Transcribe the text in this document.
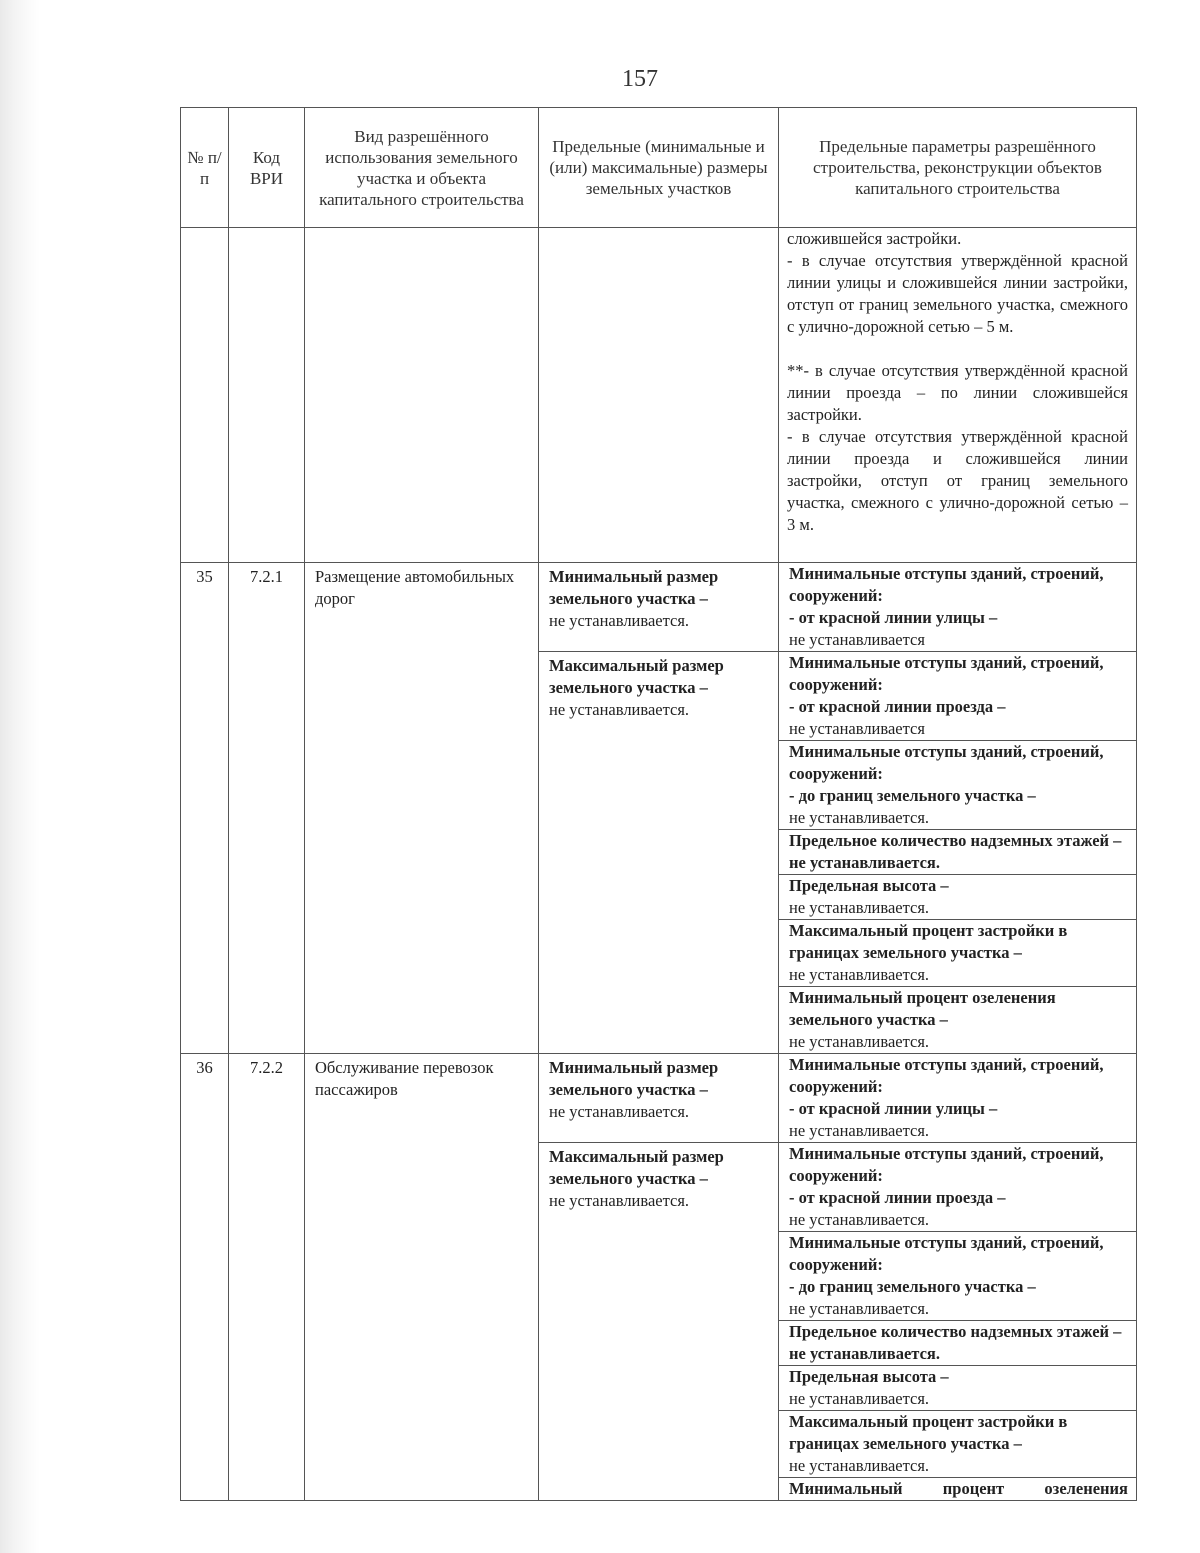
157
№ п/п	Код ВРИ	Вид разрешённого использования земельного участка и объекта капитального строительства	Предельные (минимальные и (или) максимальные) размеры земельных участков	Предельные параметры разрешённого строительства, реконструкции объектов капитального строительства

				сложившейся застройки.
- в случае отсутствия утверждённой красной линии улицы и сложившейся линии застройки, отступ от границ земельного участка, смежного с улично-дорожной сетью – 5 м.
**- в случае отсутствия утверждённой красной линии проезда – по линии сложившейся застройки.
- в случае отсутствия утверждённой красной линии проезда и сложившейся линии застройки, отступ от границ земельного участка, смежного с улично-дорожной сетью – 3 м.

35	7.2.1	Размещение автомобильных дорог	Минимальный размер земельного участка –
не устанавливается.	Минимальные отступы зданий, строений, сооружений:
- от красной линии улицы –
не устанавливается

			Максимальный размер земельного участка –
не устанавливается.	Минимальные отступы зданий, строений, сооружений:
- от красной линии проезда –
не устанавливается

				Минимальные отступы зданий, строений, сооружений:
- до границ земельного участка –
не устанавливается.

				Предельное количество надземных этажей –
не устанавливается.

				Предельная высота –
не устанавливается.

				Максимальный процент застройки в границах земельного участка –
не устанавливается.

				Минимальный процент озеленения земельного участка –
не устанавливается.

36	7.2.2	Обслуживание перевозок пассажиров	Минимальный размер земельного участка –
не устанавливается.	Минимальные отступы зданий, строений, сооружений:
- от красной линии улицы –
не устанавливается.

			Максимальный размер земельного участка –
не устанавливается.	Минимальные отступы зданий, строений, сооружений:
- от красной линии проезда –
не устанавливается.

				Минимальные отступы зданий, строений, сооружений:
- до границ земельного участка –
не устанавливается.

				Предельное количество надземных этажей –
не устанавливается.

				Предельная высота –
не устанавливается.

				Максимальный процент застройки в границах земельного участка –
не устанавливается.

				Минимальный процент озеленения
